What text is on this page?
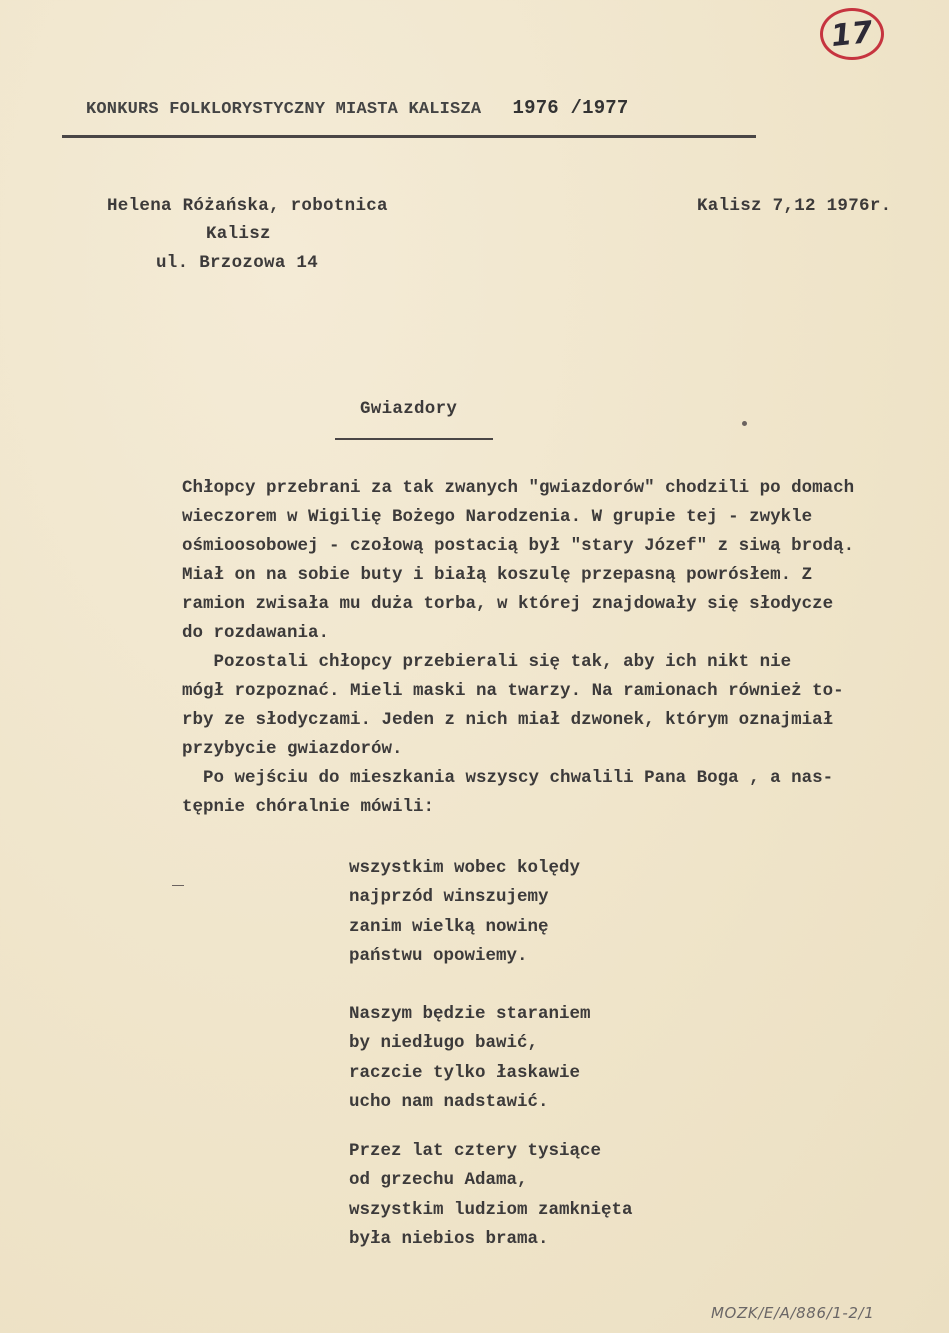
17
KONKURS FOLKLORYSTYCZNY MIASTA KALISZA 1976 /1977
Helena Różańska, robotnica
Kalisz
ul. Brzozowa 14
Kalisz 7,12 1976r.
Gwiazdory
Chłopcy przebrani za tak zwanych "gwiazdorów" chodzili po domach
wieczorem w Wigilię Bożego Narodzenia. W grupie tej - zwykle
ośmioosobowej - czołową postacią był "stary Józef" z siwą brodą.
Miał on na sobie buty i białą koszulę przepasną powrósłem. Z
ramion zwisała mu duża torba, w której znajdowały się słodycze
do rozdawania.
Pozostali chłopcy przebierali się tak, aby ich nikt nie
mógł rozpoznać. Mieli maski na twarzy. Na ramionach również to-
rby ze słodyczami. Jeden z nich miał dzwonek, którym oznajmiał
przybycie gwiazdorów.
Po wejściu do mieszkania wszyscy chwalili Pana Boga , a nas-
tępnie chóralnie mówili:
wszystkim wobec kolędy
najprzód winszujemy
zanim wielką nowinę
państwu opowiemy.
Naszym będzie staraniem
by niedługo bawić,
raczcie tylko łaskawie
ucho nam nadstawić.
Przez lat cztery tysiące
od grzechu Adama,
wszystkim ludziom zamknięta
była niebios brama.
MOZK/E/A/886/1-2/1
